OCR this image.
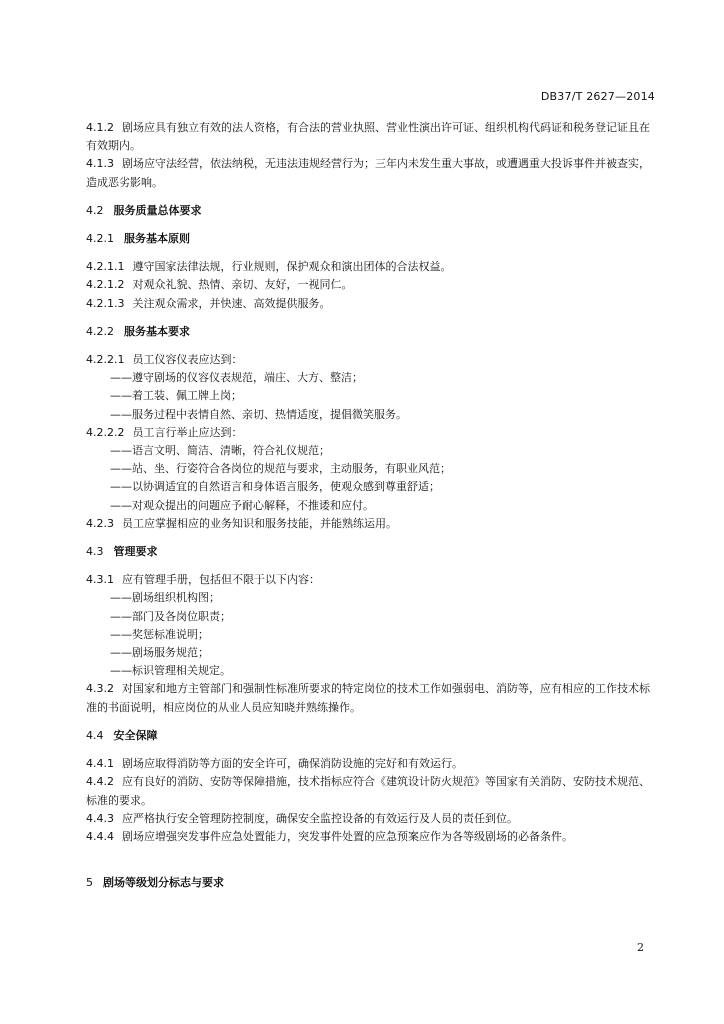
DB37/T 2627—2014

4.1.2 剧场应具有独立有效的法人资格，有合法的营业执照、营业性演出许可证、组织机构代码证和税务登记证且在有效期内。

4.1.3 剧场应守法经营，依法纳税，无违法违规经营行为；三年内未发生重大事故，或遭遇重大投诉事件并被查实，造成恶劣影响。

4.2 服务质量总体要求

4.2.1 服务基本原则

4.2.1.1 遵守国家法律法规，行业规则，保护观众和演出团体的合法权益。

4.2.1.2 对观众礼貌、热情、亲切、友好，一视同仁。

4.2.1.3 关注观众需求，并快速、高效提供服务。

4.2.2 服务基本要求

4.2.2.1 员工仪容仪表应达到：

——遵守剧场的仪容仪表规范，端庄、大方、整洁；

——着工装、佩工牌上岗；

——服务过程中表情自然、亲切、热情适度，提倡微笑服务。

4.2.2.2 员工言行举止应达到：

——语言文明、简洁、清晰，符合礼仪规范；

——站、坐、行姿符合各岗位的规范与要求，主动服务，有职业风范；

——以协调适宜的自然语言和身体语言服务，使观众感到尊重舒适；

——对观众提出的问题应予耐心解释，不推诿和应付。

4.2.3 员工应掌握相应的业务知识和服务技能，并能熟练运用。

4.3 管理要求

4.3.1 应有管理手册，包括但不限于以下内容：

——剧场组织机构图；

——部门及各岗位职责；

——奖惩标准说明；

——剧场服务规范；

——标识管理相关规定。

4.3.2 对国家和地方主管部门和强制性标准所要求的特定岗位的技术工作如强弱电、消防等，应有相应的工作技术标准的书面说明，相应岗位的从业人员应知晓并熟练操作。

4.4 安全保障

4.4.1 剧场应取得消防等方面的安全许可，确保消防设施的完好和有效运行。

4.4.2 应有良好的消防、安防等保障措施，技术指标应符合《建筑设计防火规范》等国家有关消防、安防技术规范、标准的要求。

4.4.3 应严格执行安全管理防控制度，确保安全监控设备的有效运行及人员的责任到位。

4.4.4 剧场应增强突发事件应急处置能力，突发事件处置的应急预案应作为各等级剧场的必备条件。

5 剧场等级划分标志与要求

2
